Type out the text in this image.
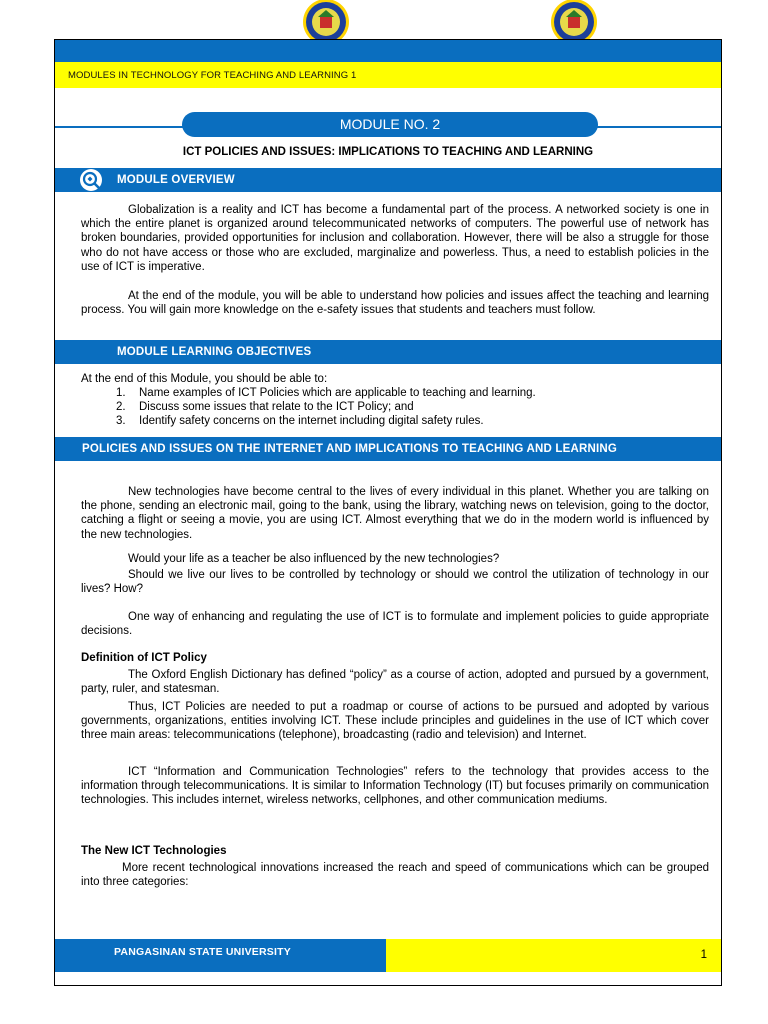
MODULES IN TECHNOLOGY FOR TEACHING AND LEARNING 1
MODULE NO. 2
ICT POLICIES AND ISSUES: IMPLICATIONS TO TEACHING AND LEARNING
MODULE OVERVIEW
Globalization is a reality and ICT has become a fundamental part of the process. A networked society is one in which the entire planet is organized around telecommunicated networks of computers. The powerful use of network has broken boundaries, provided opportunities for inclusion and collaboration. However, there will be also a struggle for those who do not have access or those who are excluded, marginalize and powerless. Thus, a need to establish policies in the use of ICT is imperative.
At the end of the module, you will be able to understand how policies and issues affect the teaching and learning process. You will gain more knowledge on the e-safety issues that students and teachers must follow.
MODULE LEARNING OBJECTIVES
At the end of this Module, you should be able to:
1. Name examples of ICT Policies which are applicable to teaching and learning.
2. Discuss some issues that relate to the ICT Policy; and
3. Identify safety concerns on the internet including digital safety rules.
POLICIES AND ISSUES ON THE INTERNET AND IMPLICATIONS TO TEACHING AND LEARNING
New technologies have become central to the lives of every individual in this planet. Whether you are talking on the phone, sending an electronic mail, going to the bank, using the library, watching news on television, going to the doctor, catching a flight or seeing a movie, you are using ICT. Almost everything that we do in the modern world is influenced by the new technologies.
Would your life as a teacher be also influenced by the new technologies?
Should we live our lives to be controlled by technology or should we control the utilization of technology in our lives? How?
One way of enhancing and regulating the use of ICT is to formulate and implement policies to guide appropriate decisions.
Definition of ICT Policy
The Oxford English Dictionary has defined “policy” as a course of action, adopted and pursued by a government, party, ruler, and statesman.
Thus, ICT Policies are needed to put a roadmap or course of actions to be pursued and adopted by various governments, organizations, entities involving ICT. These include principles and guidelines in the use of ICT which cover three main areas: telecommunications (telephone), broadcasting (radio and television) and Internet.
ICT “Information and Communication Technologies” refers to the technology that provides access to the information through telecommunications. It is similar to Information Technology (IT) but focuses primarily on communication technologies. This includes internet, wireless networks, cellphones, and other communication mediums.
The New ICT Technologies
More recent technological innovations increased the reach and speed of communications which can be grouped into three categories:
PANGASINAN STATE UNIVERSITY	1
